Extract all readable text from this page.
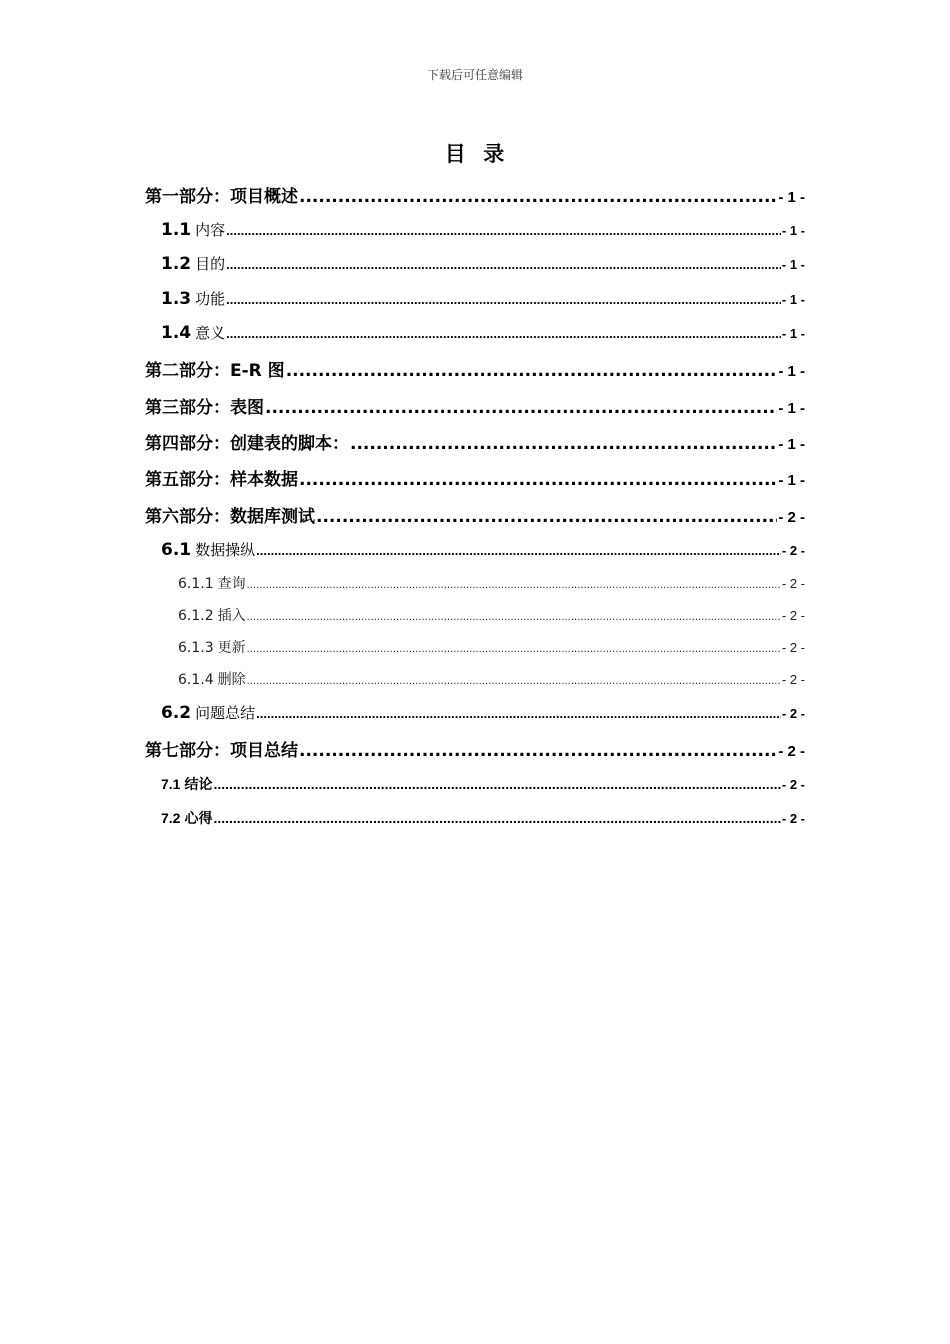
下载后可任意编辑
目  录
第一部分：项目概述 .....	- 1 -
1.1 内容 .....	- 1 -
1.2 目的 .....	- 1 -
1.3 功能 .....	- 1 -
1.4 意义 .....	- 1 -
第二部分：E-R 图 .....	- 1 -
第三部分：表图 .....	- 1 -
第四部分：创建表的脚本： .....	- 1 -
第五部分：样本数据 .....	- 1 -
第六部分：数据库测试 .....	- 2 -
6.1 数据操纵 .....	- 2 -
6.1.1 查询 .....	- 2 -
6.1.2 插入 .....	- 2 -
6.1.3 更新 .....	- 2 -
6.1.4 删除 .....	- 2 -
6.2 问题总结 .....	- 2 -
第七部分：项目总结 .....	- 2 -
7.1 结论 .....	- 2 -
7.2 心得 .....	- 2 -
